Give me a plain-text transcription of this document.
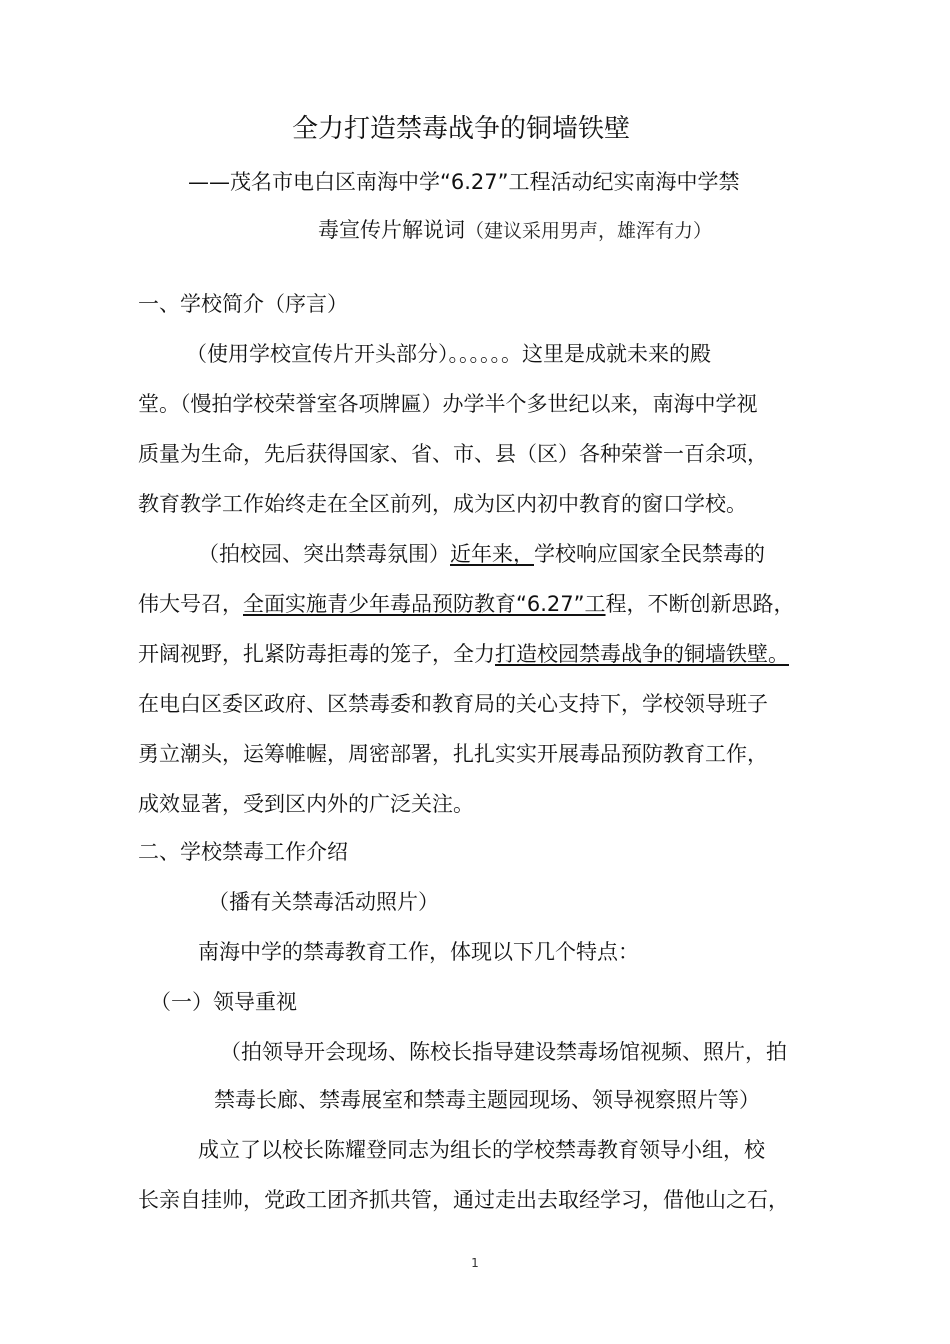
全力打造禁毒战争的铜墙铁壁
——茂名市电白区南海中学“6.27”工程活动纪实南海中学禁
毒宣传片解说词（建议采用男声，雄浑有力）
一、学校简介（序言）
（使用学校宣传片开头部分）。。。。。。这里是成就未来的殿
堂。（慢拍学校荣誉室各项牌匾）办学半个多世纪以来，南海中学视
质量为生命，先后获得国家、省、市、县（区）各种荣誉一百余项，
教育教学工作始终走在全区前列，成为区内初中教育的窗口学校。
（拍校园、突出禁毒氛围）近年来，学校响应国家全民禁毒的
伟大号召，全面实施青少年毒品预防教育“6.27”工程，不断创新思路，
开阔视野，扎紧防毒拒毒的笼子，全力打造校园禁毒战争的铜墙铁壁。
在电白区委区政府、区禁毒委和教育局的关心支持下，学校领导班子
勇立潮头，运筹帷幄，周密部署，扎扎实实开展毒品预防教育工作，
成效显著，受到区内外的广泛关注。
二、学校禁毒工作介绍
（播有关禁毒活动照片）
南海中学的禁毒教育工作，体现以下几个特点：
（一）领导重视
（拍领导开会现场、陈校长指导建设禁毒场馆视频、照片，拍
禁毒长廊、禁毒展室和禁毒主题园现场、领导视察照片等）
成立了以校长陈耀登同志为组长的学校禁毒教育领导小组，校
长亲自挂帅，党政工团齐抓共管，通过走出去取经学习，借他山之石，
1
